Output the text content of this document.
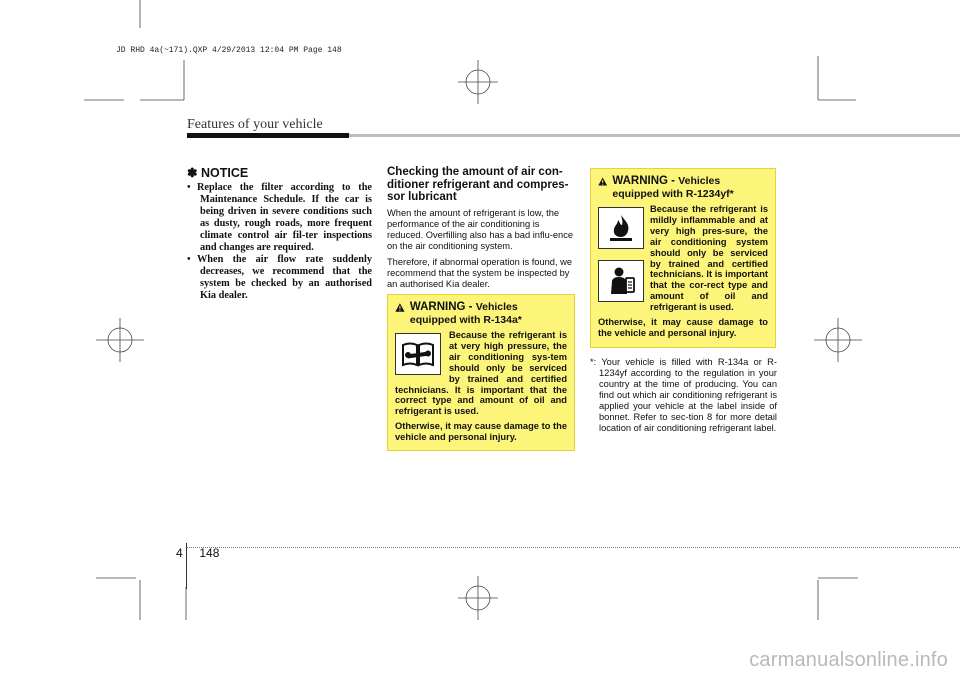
JD RHD 4a(~171).QXP 4/29/2013 12:04 PM Page 148
Features of your vehicle
✽ NOTICE
• Replace the filter according to the Maintenance Schedule. If the car is being driven in severe conditions such as dusty, rough roads, more frequent climate control air fil-ter inspections and changes are required.
• When the air flow rate suddenly decreases, we recommend that the system be checked by an authorised Kia dealer.
Checking the amount of air con-ditioner refrigerant and compres-sor lubricant

When the amount of refrigerant is low, the performance of the air conditioning is reduced. Overfilling also has a bad influ-ence on the air conditioning system.

Therefore, if abnormal operation is found, we recommend that the system be inspected by an authorised Kia dealer.

WARNING - Vehicles equipped with R-134a*

Because the refrigerant is at very high pressure, the air conditioning sys-tem should only be serviced by trained and certified technicians. It is important that the correct type and amount of oil and refrigerant is used.

Otherwise, it may cause damage to the vehicle and personal injury.

WARNING - Vehicles equipped with R-1234yf*

Because the refrigerant is mildly inflammable and at very high pres-sure, the air conditioning system should only be serviced by trained and certified technicians. It is important that the cor-rect type and amount of oil and refrigerant is used.

Otherwise, it may cause damage to the vehicle and personal injury.

*: Your vehicle is filled with R-134a or R-1234yf according to the regulation in your country at the time of producing. You can find out which air conditioning refrigerant is applied your vehicle at the label inside of bonnet. Refer to sec-tion 8 for more detail location of air conditioning refrigerant label.
4 148
carmanualsonline.info
